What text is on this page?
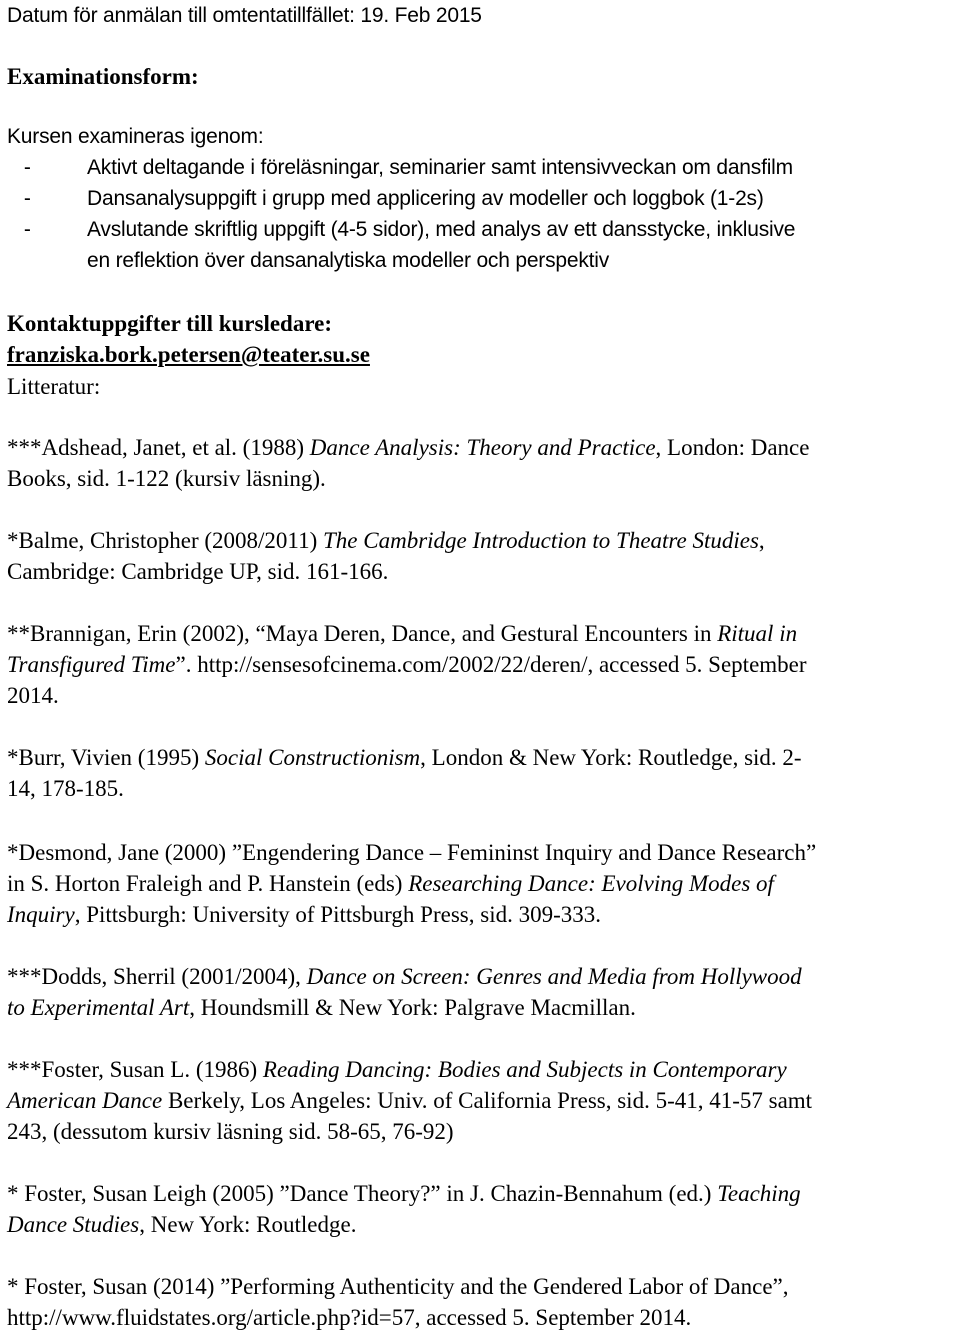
Datum för anmälan till omtentatillfället: 19. Feb 2015
Examinationsform:
Kursen examineras igenom:
-	Aktivt deltagande i föreläsningar, seminarier samt intensivveckan om dansfilm
-	Dansanalysuppgift i grupp med applicering av modeller och loggbok (1-2s)
-	Avslutande skriftlig uppgift (4-5 sidor), med analys av ett dansstycke, inklusive
en reflektion över dansanalytiska modeller och perspektiv
Kontaktuppgifter till kursledare:
franziska.bork.petersen@teater.su.se
Litteratur:
***Adshead, Janet, et al. (1988) Dance Analysis: Theory and Practice, London: Dance
Books, sid. 1-122 (kursiv läsning).
*Balme, Christopher (2008/2011) The Cambridge Introduction to Theatre Studies,
Cambridge: Cambridge UP, sid. 161-166.
**Brannigan, Erin (2002), “Maya Deren, Dance, and Gestural Encounters in Ritual in
Transfigured Time”. http://sensesofcinema.com/2002/22/deren/, accessed 5. September
2014.
*Burr, Vivien (1995) Social Constructionism, London & New York: Routledge, sid. 2-
14, 178-185.
*Desmond, Jane (2000) ”Engendering Dance – Femininst Inquiry and Dance Research”
in S. Horton Fraleigh and P. Hanstein (eds) Researching Dance: Evolving Modes of
Inquiry, Pittsburgh: University of Pittsburgh Press, sid. 309-333.
***Dodds, Sherril (2001/2004), Dance on Screen: Genres and Media from Hollywood
to Experimental Art, Houndsmill & New York: Palgrave Macmillan.
***Foster, Susan L. (1986) Reading Dancing: Bodies and Subjects in Contemporary
American Dance Berkely, Los Angeles: Univ. of California Press, sid. 5-41, 41-57 samt
243, (dessutom kursiv läsning sid. 58-65, 76-92)
* Foster, Susan Leigh (2005) ”Dance Theory?” in J. Chazin-Bennahum (ed.) Teaching
Dance Studies, New York: Routledge.
* Foster, Susan (2014) ”Performing Authenticity and the Gendered Labor of Dance”,
http://www.fluidstates.org/article.php?id=57, accessed 5. September 2014.
